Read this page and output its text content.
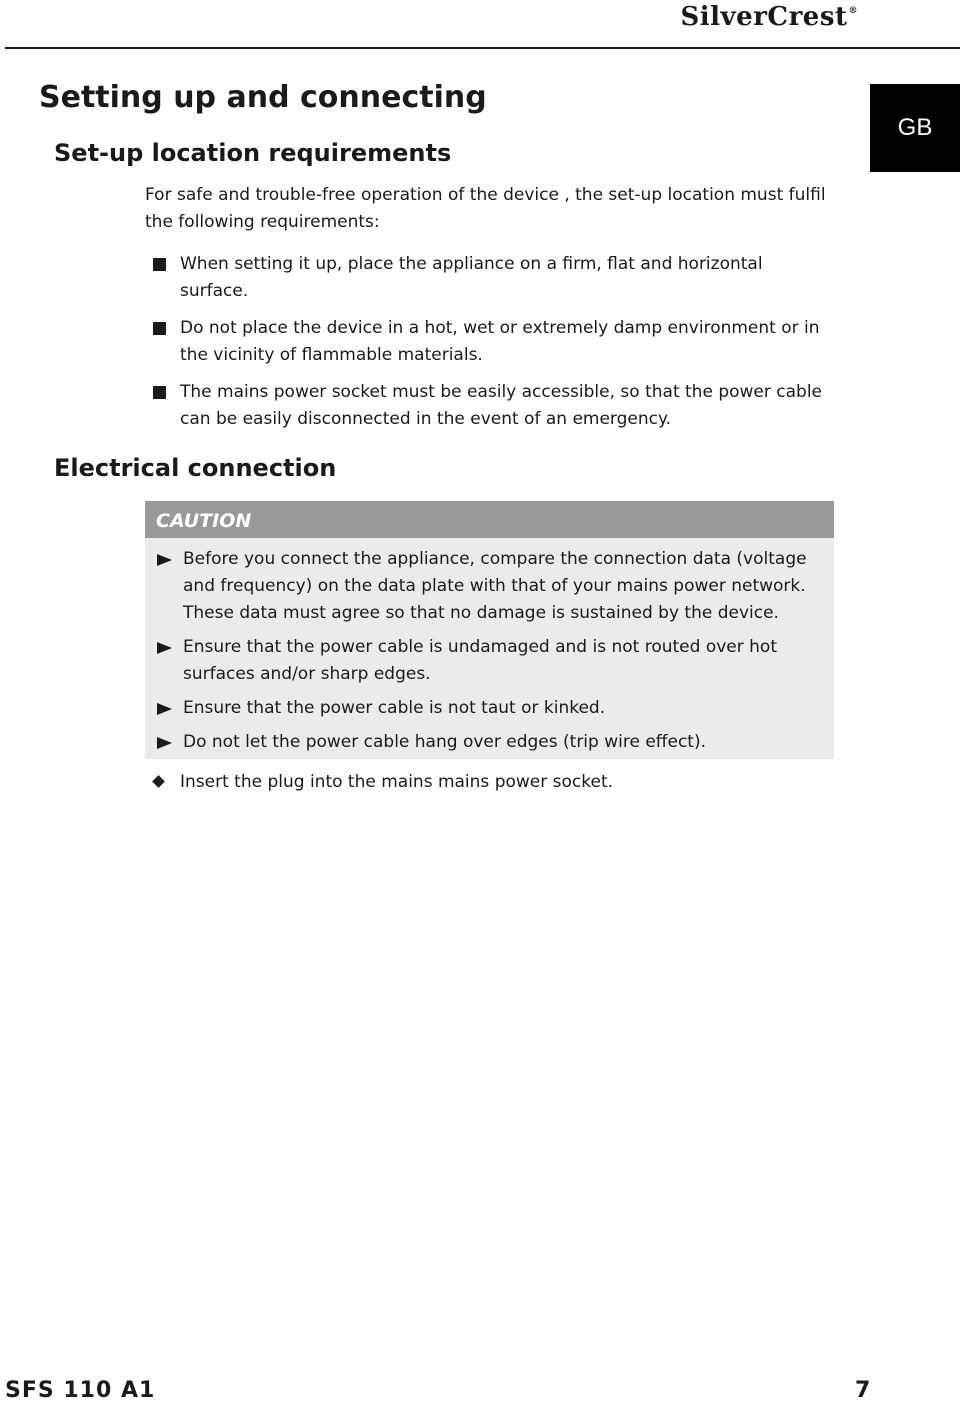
SilverCrest®
GB
Setting up and connecting
Set-up location requirements

For safe and trouble-free operation of the device , the set-up location must fulfil the following requirements:

When setting it up, place the appliance on a firm, flat and horizontal surface.
Do not place the device in a hot, wet or extremely damp environment or in the vicinity of flammable materials.
The mains power socket must be easily accessible, so that the power cable can be easily disconnected in the event of an emergency.
Electrical connection
CAUTION
Before you connect the appliance, compare the connection data (voltage and frequency) on the data plate with that of your mains power network. These data must agree so that no damage is sustained by the device.
Ensure that the power cable is undamaged and is not routed over hot surfaces and/or sharp edges.
Ensure that the power cable is not taut or kinked.
Do not let the power cable hang over edges (trip wire effect).
Insert the plug into the mains mains power socket.
SFS 110 A1	7
